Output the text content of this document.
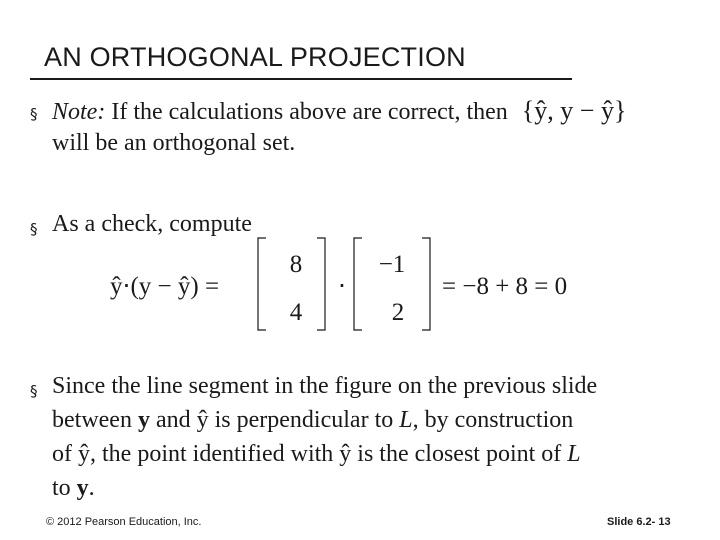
AN ORTHOGONAL PROJECTION
§ Note: If the calculations above are correct, then {ŷ, y − ŷ}
will be an orthogonal set.
§ As a check, compute
ŷ⋅(y − ŷ) =
8
4
⋅
−1
2
= −8 + 8 = 0
§ Since the line segment in the figure on the previous slide
between y and ŷ is perpendicular to L, by construction
of ŷ, the point identified with ŷ is the closest point of L
to y.
© 2012 Pearson Education, Inc.	Slide 6.2- 13
